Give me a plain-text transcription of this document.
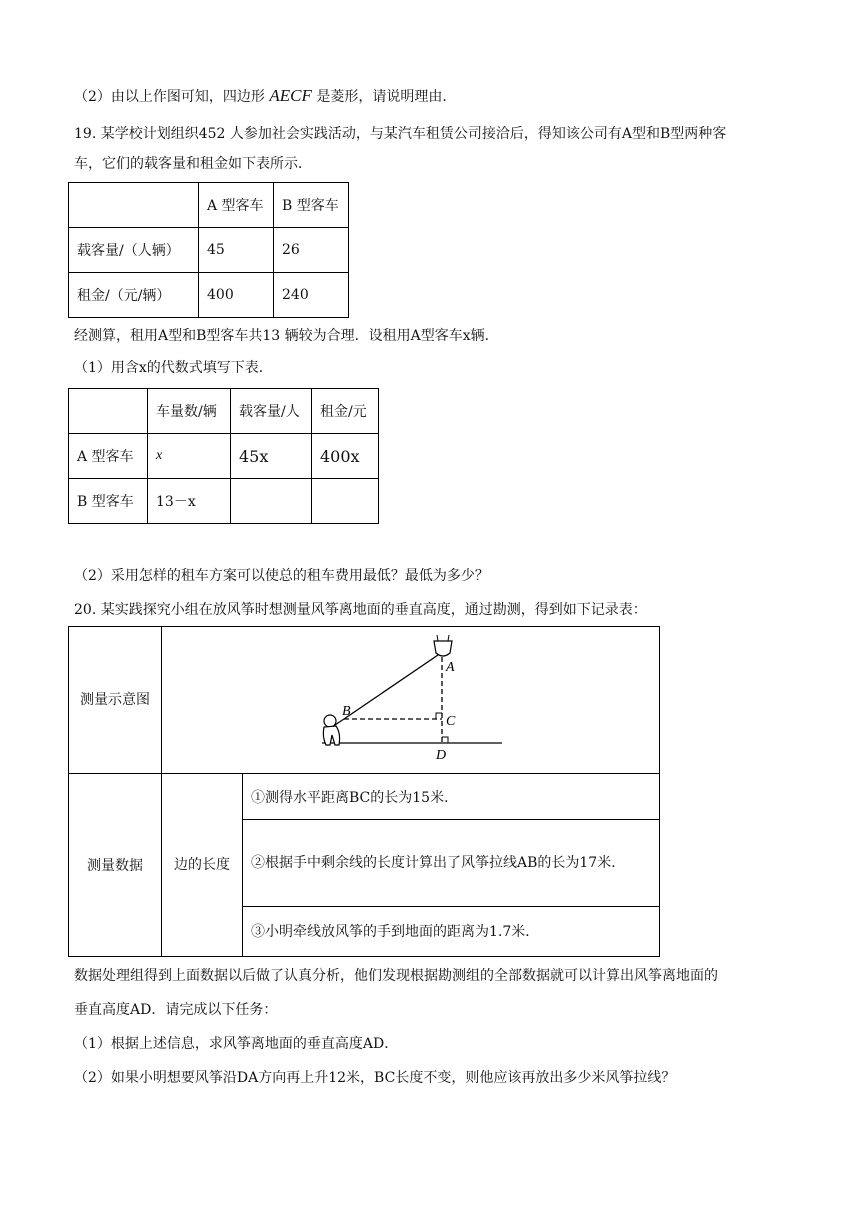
（2）由以上作图可知，四边形 AECF 是菱形，请说明理由．
19. 某学校计划组织452 人参加社会实践活动，与某汽车租赁公司接洽后，得知该公司有A型和B型两种客
车，它们的载客量和租金如下表所示．
	A 型客车	B 型客车
载客量/（人辆）	45	26
租金/（元/辆）	400	240
经测算，租用A型和B型客车共13 辆较为合理．设租用A型客车x辆．
（1）用含x的代数式填写下表．
	车量数/辆	载客量/人	租金/元
A 型客车	x	45x	400x
B 型客车	13－x		
（2）采用怎样的租车方案可以使总的租车费用最低？最低为多少？
20. 某实践探究小组在放风筝时想测量风筝离地面的垂直高度，通过勘测，得到如下记录表：
测量示意图	A
B
C
D	

测量数据	边的长度	①测得水平距离BC的长为15米．
		②根据手中剩余线的长度计算出了风筝拉线AB的长为17米．
		③小明牵线放风筝的手到地面的距离为1.7米．
数据处理组得到上面数据以后做了认真分析，他们发现根据勘测组的全部数据就可以计算出风筝离地面的
垂直高度AD．请完成以下任务：
（1）根据上述信息，求风筝离地面的垂直高度AD．
（2）如果小明想要风筝沿DA方向再上升12米，BC长度不变，则他应该再放出多少米风筝拉线？
